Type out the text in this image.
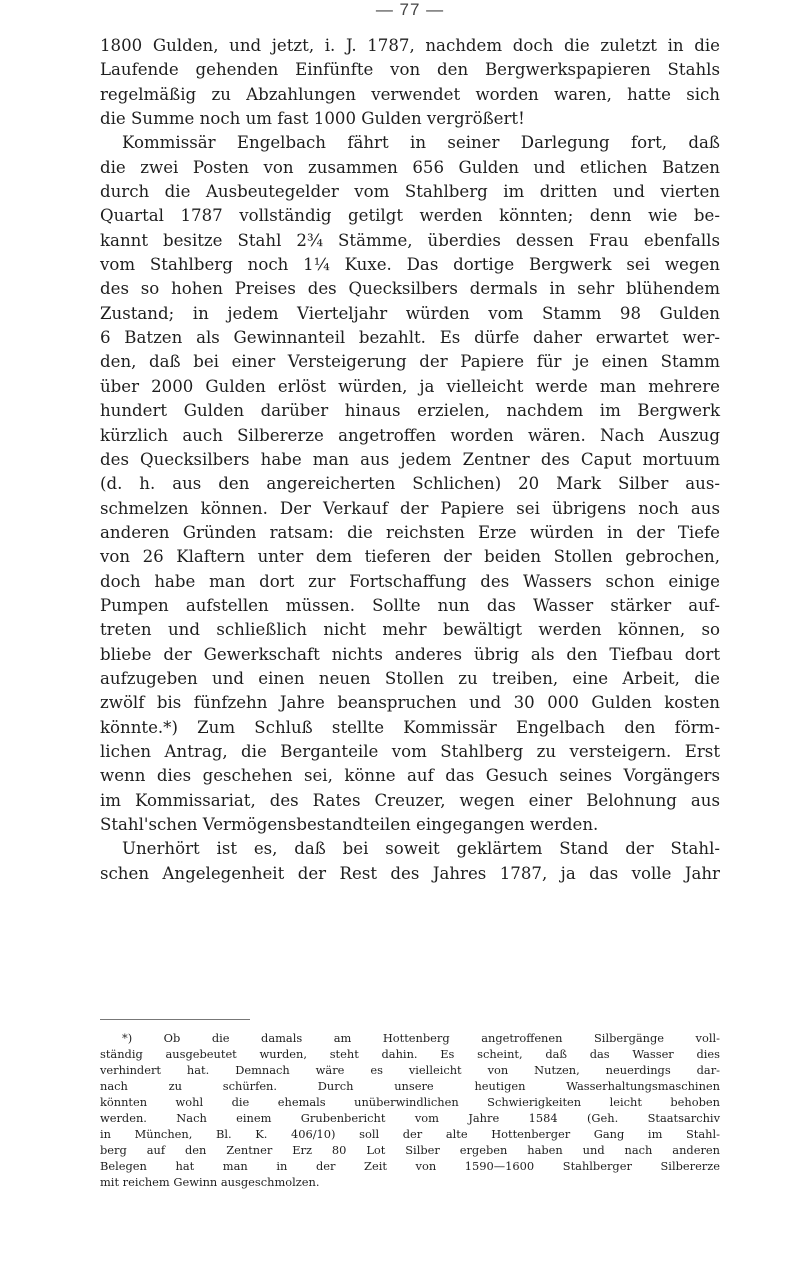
— 77 —
1800 Gulden, und jetzt, i. J. 1787, nachdem doch die zuletzt in die
Laufende gehenden Einfünfte von den Bergwerkspapieren Stahls
regelmäßig zu Abzahlungen verwendet worden waren, hatte sich
die Summe noch um fast 1000 Gulden vergrößert!
Kommissär Engelbach fährt in seiner Darlegung fort, daß
die zwei Posten von zusammen 656 Gulden und etlichen Batzen
durch die Ausbeutegelder vom Stahlberg im dritten und vierten
Quartal 1787 vollständig getilgt werden könnten; denn wie be-
kannt besitze Stahl 2¾ Stämme, überdies dessen Frau ebenfalls
vom Stahlberg noch 1¼ Kuxe. Das dortige Bergwerk sei wegen
des so hohen Preises des Quecksilbers dermals in sehr blühendem
Zustand; in jedem Vierteljahr würden vom Stamm 98 Gulden
6 Batzen als Gewinnanteil bezahlt. Es dürfe daher erwartet wer-
den, daß bei einer Versteigerung der Papiere für je einen Stamm
über 2000 Gulden erlöst würden, ja vielleicht werde man mehrere
hundert Gulden darüber hinaus erzielen, nachdem im Bergwerk
kürzlich auch Silbererze angetroffen worden wären. Nach Auszug
des Quecksilbers habe man aus jedem Zentner des Caput mortuum
(d. h. aus den angereicherten Schlichen) 20 Mark Silber aus-
schmelzen können. Der Verkauf der Papiere sei übrigens noch aus
anderen Gründen ratsam: die reichsten Erze würden in der Tiefe
von 26 Klaftern unter dem tieferen der beiden Stollen gebrochen,
doch habe man dort zur Fortschaffung des Wassers schon einige
Pumpen aufstellen müssen. Sollte nun das Wasser stärker auf-
treten und schließlich nicht mehr bewältigt werden können, so
bliebe der Gewerkschaft nichts anderes übrig als den Tiefbau dort
aufzugeben und einen neuen Stollen zu treiben, eine Arbeit, die
zwölf bis fünfzehn Jahre beanspruchen und 30 000 Gulden kosten
könnte.*) Zum Schluß stellte Kommissär Engelbach den förm-
lichen Antrag, die Berganteile vom Stahlberg zu versteigern. Erst
wenn dies geschehen sei, könne auf das Gesuch seines Vorgängers
im Kommissariat, des Rates Creuzer, wegen einer Belohnung aus
Stahl'schen Vermögensbestandteilen eingegangen werden.
Unerhört ist es, daß bei soweit geklärtem Stand der Stahl-
schen Angelegenheit der Rest des Jahres 1787, ja das volle Jahr
*) Ob die damals am Hottenberg angetroffenen Silbergänge voll-
ständig ausgebeutet wurden, steht dahin. Es scheint, daß das Wasser dies
verhindert hat. Demnach wäre es vielleicht von Nutzen, neuerdings dar-
nach zu schürfen. Durch unsere heutigen Wasserhaltungsmaschinen
könnten wohl die ehemals unüberwindlichen Schwierigkeiten leicht behoben
werden. Nach einem Grubenbericht vom Jahre 1584 (Geh. Staatsarchiv
in München, Bl. K. 406/10) soll der alte Hottenberger Gang im Stahl-
berg auf den Zentner Erz 80 Lot Silber ergeben haben und nach anderen
Belegen hat man in der Zeit von 1590—1600 Stahlberger Silbererze
mit reichem Gewinn ausgeschmolzen.
